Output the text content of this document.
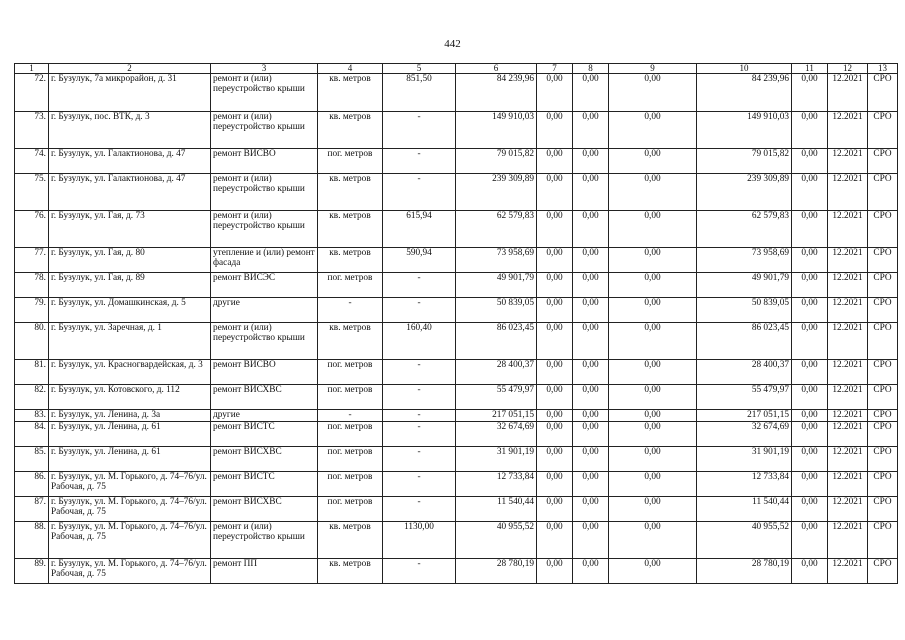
442
1	2	3	4	5	6	7	8	9	10	11	12	13
72.	г. Бузулук, 7а микрорайон, д. 31	ремонт и (или) переустройство крыши	кв. метров	851,50	84 239,96	0,00	0,00	0,00	84 239,96	0,00	12.2021	СРО
73.	г. Бузулук, пос. ВТК, д. 3	ремонт и (или) переустройство крыши	кв. метров	-	149 910,03	0,00	0,00	0,00	149 910,03	0,00	12.2021	СРО
74.	г. Бузулук, ул. Галактионова, д. 47	ремонт ВИСВО	пог. метров	-	79 015,82	0,00	0,00	0,00	79 015,82	0,00	12.2021	СРО
75.	г. Бузулук, ул. Галактионова, д. 47	ремонт и (или) переустройство крыши	кв. метров	-	239 309,89	0,00	0,00	0,00	239 309,89	0,00	12.2021	СРО
76.	г. Бузулук, ул. Гая, д. 73	ремонт и (или) переустройство крыши	кв. метров	615,94	62 579,83	0,00	0,00	0,00	62 579,83	0,00	12.2021	СРО
77.	г. Бузулук, ул. Гая, д. 80	утепление и (или) ремонт фасада	кв. метров	590,94	73 958,69	0,00	0,00	0,00	73 958,69	0,00	12.2021	СРО
78.	г. Бузулук, ул. Гая, д. 89	ремонт ВИСЭС	пог. метров	-	49 901,79	0,00	0,00	0,00	49 901,79	0,00	12.2021	СРО
79.	г. Бузулук, ул. Домашкинская, д. 5	другие	-	-	50 839,05	0,00	0,00	0,00	50 839,05	0,00	12.2021	СРО
80.	г. Бузулук, ул. Заречная, д. 1	ремонт и (или) переустройство крыши	кв. метров	160,40	86 023,45	0,00	0,00	0,00	86 023,45	0,00	12.2021	СРО
81.	г. Бузулук, ул. Красногвардейская, д. 3	ремонт ВИСВО	пог. метров	-	28 400,37	0,00	0,00	0,00	28 400,37	0,00	12.2021	СРО
82.	г. Бузулук, ул. Котовского, д. 112	ремонт ВИСХВС	пог. метров	-	55 479,97	0,00	0,00	0,00	55 479,97	0,00	12.2021	СРО
83.	г. Бузулук, ул. Ленина, д. 3а	другие	-	-	217 051,15	0,00	0,00	0,00	217 051,15	0,00	12.2021	СРО
84.	г. Бузулук, ул. Ленина, д. 61	ремонт ВИСТС	пог. метров	-	32 674,69	0,00	0,00	0,00	32 674,69	0,00	12.2021	СРО
85.	г. Бузулук, ул. Ленина, д. 61	ремонт ВИСХВС	пог. метров	-	31 901,19	0,00	0,00	0,00	31 901,19	0,00	12.2021	СРО
86.	г. Бузулук, ул. М. Горького, д. 74–76/ул. Рабочая, д. 75	ремонт ВИСТС	пог. метров	-	12 733,84	0,00	0,00	0,00	12 733,84	0,00	12.2021	СРО
87.	г. Бузулук, ул. М. Горького, д. 74–76/ул. Рабочая, д. 75	ремонт ВИСХВС	пог. метров	-	11 540,44	0,00	0,00	0,00	11 540,44	0,00	12.2021	СРО
88.	г. Бузулук, ул. М. Горького, д. 74–76/ул. Рабочая, д. 75	ремонт и (или) переустройство крыши	кв. метров	1130,00	40 955,52	0,00	0,00	0,00	40 955,52	0,00	12.2021	СРО
89.	г. Бузулук, ул. М. Горького, д. 74–76/ул. Рабочая, д. 75	ремонт ПП	кв. метров	-	28 780,19	0,00	0,00	0,00	28 780,19	0,00	12.2021	СРО
